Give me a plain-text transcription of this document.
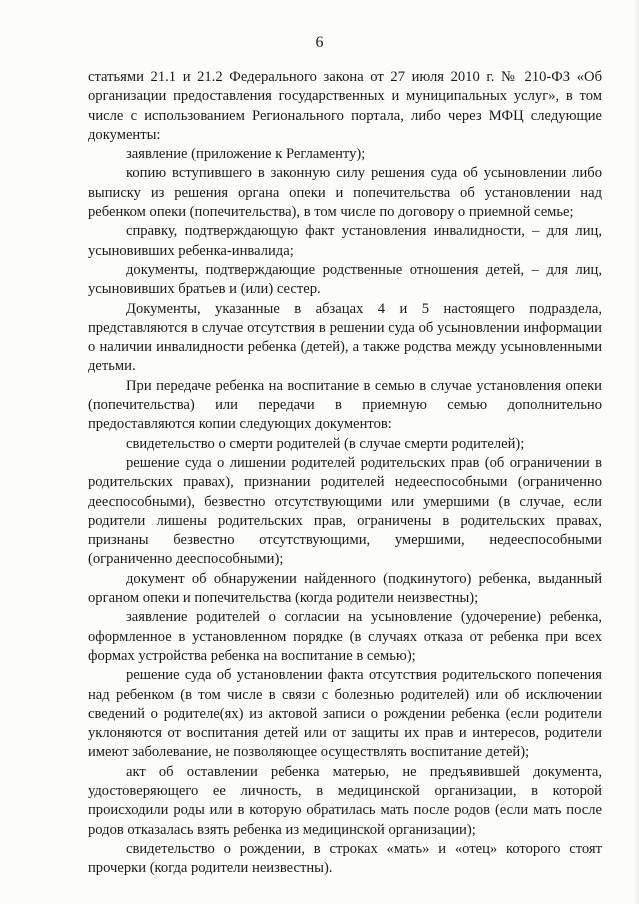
6

статьями 21.1 и 21.2 Федерального закона от 27 июля 2010 г. № 210-ФЗ «Об организации предоставления государственных и муниципальных услуг», в том числе с использованием Регионального портала, либо через МФЦ следующие документы:

заявление (приложение к Регламенту);

копию вступившего в законную силу решения суда об усыновлении либо выписку из решения органа опеки и попечительства об установлении над ребенком опеки (попечительства), в том числе по договору о приемной семье;

справку, подтверждающую факт установления инвалидности, – для лиц, усыновивших ребенка-инвалида;

документы, подтверждающие родственные отношения детей, – для лиц, усыновивших братьев и (или) сестер.

Документы, указанные в абзацах 4 и 5 настоящего подраздела, представляются в случае отсутствия в решении суда об усыновлении информации о наличии инвалидности ребенка (детей), а также родства между усыновленными детьми.

При передаче ребенка на воспитание в семью в случае установления опеки (попечительства) или передачи в приемную семью дополнительно предоставляются копии следующих документов:

свидетельство о смерти родителей (в случае смерти родителей);

решение суда о лишении родителей родительских прав (об ограничении в родительских правах), признании родителей недееспособными (ограниченно дееспособными), безвестно отсутствующими или умершими (в случае, если родители лишены родительских прав, ограничены в родительских правах, признаны безвестно отсутствующими, умершими, недееспособными (ограниченно дееспособными);

документ об обнаружении найденного (подкинутого) ребенка, выданный органом опеки и попечительства (когда родители неизвестны);

заявление родителей о согласии на усыновление (удочерение) ребенка, оформленное в установленном порядке (в случаях отказа от ребенка при всех формах устройства ребенка на воспитание в семью);

решение суда об установлении факта отсутствия родительского попечения над ребенком (в том числе в связи с болезнью родителей) или об исключении сведений о родителе(ях) из актовой записи о рождении ребенка (если родители уклоняются от воспитания детей или от защиты их прав и интересов, родители имеют заболевание, не позволяющее осуществлять воспитание детей);

акт об оставлении ребенка матерью, не предъявившей документа, удостоверяющего ее личность, в медицинской организации, в которой происходили роды или в которую обратилась мать после родов (если мать после родов отказалась взять ребенка из медицинской организации);

свидетельство о рождении, в строках «мать» и «отец» которого стоят прочерки (когда родители неизвестны).
